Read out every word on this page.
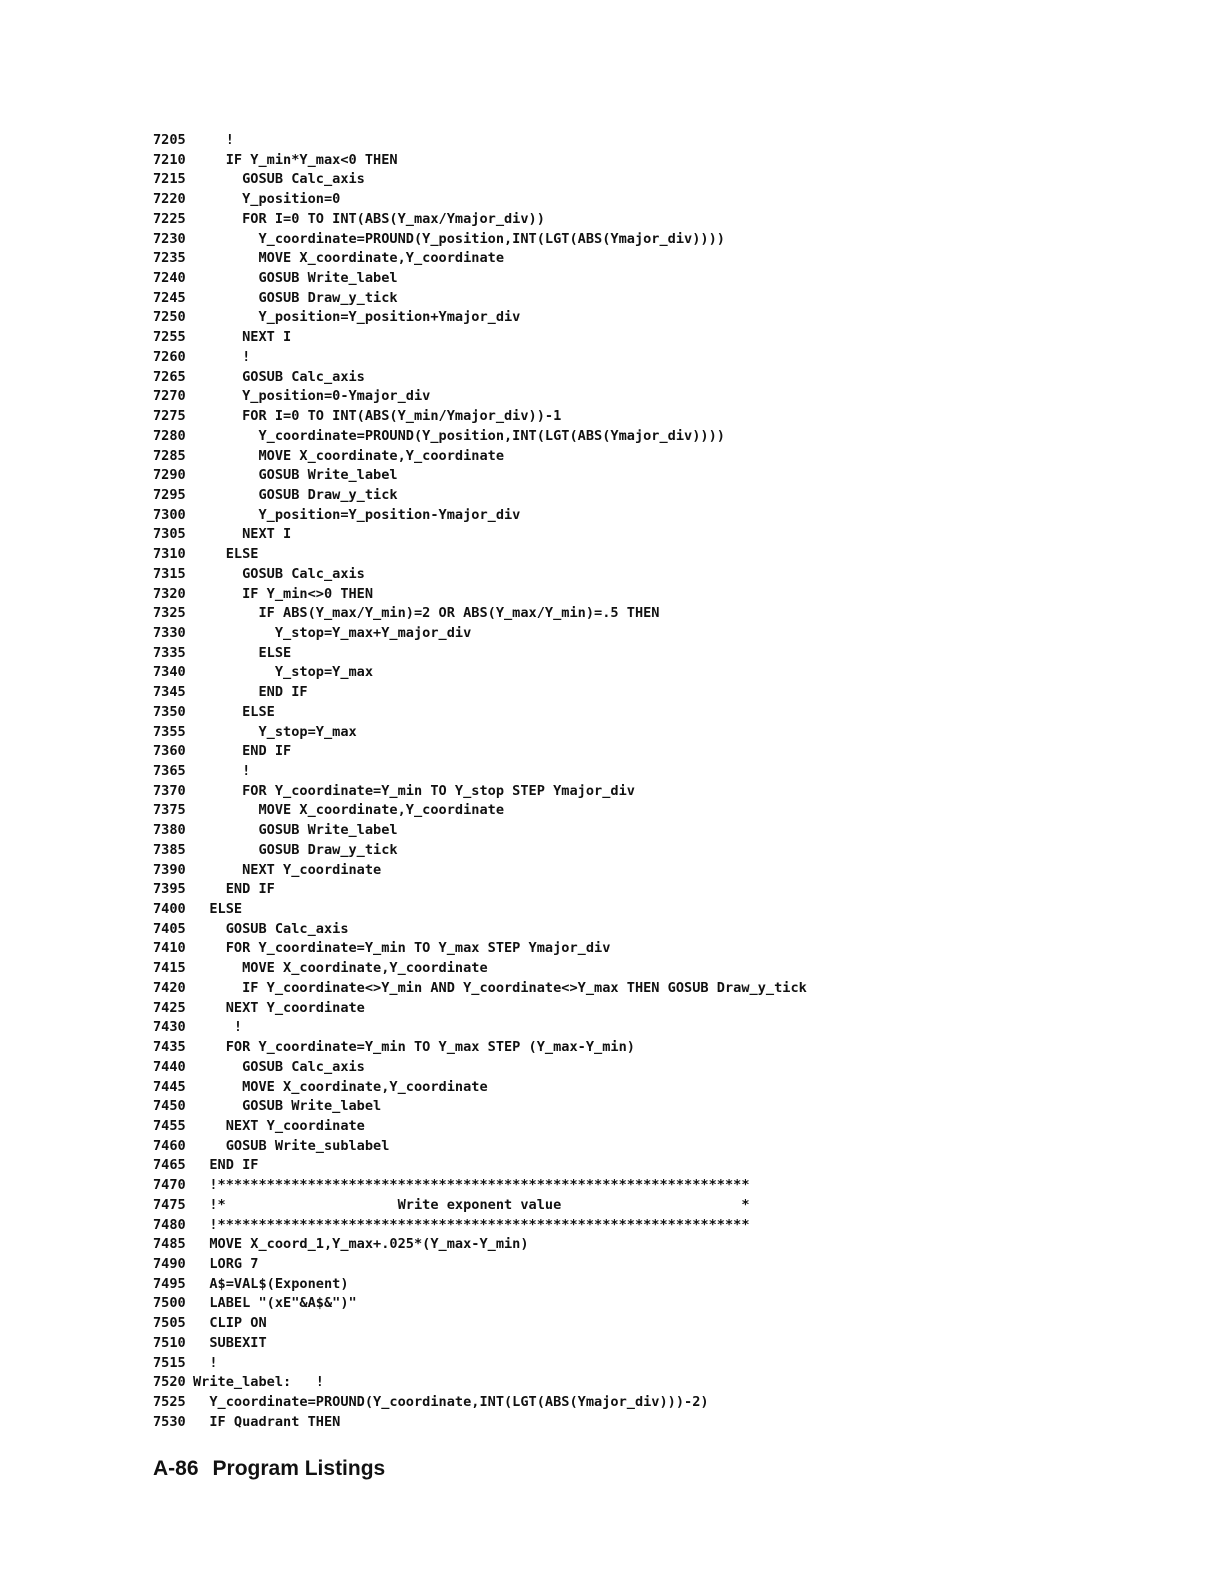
7205 !
7210 IF Y_min*Y_max<0 THEN
7215 GOSUB Calc_axis
7220 Y_position=0
7225 FOR I=0 TO INT(ABS(Y_max/Ymajor_div))
7230 Y_coordinate=PROUND(Y_position,INT(LGT(ABS(Ymajor_div))))
7235 MOVE X_coordinate,Y_coordinate
7240 GOSUB Write_label
7245 GOSUB Draw_y_tick
7250 Y_position=Y_position+Ymajor_div
7255 NEXT I
7260 !
7265 GOSUB Calc_axis
7270 Y_position=0-Ymajor_div
7275 FOR I=0 TO INT(ABS(Y_min/Ymajor_div))-1
7280 Y_coordinate=PROUND(Y_position,INT(LGT(ABS(Ymajor_div))))
7285 MOVE X_coordinate,Y_coordinate
7290 GOSUB Write_label
7295 GOSUB Draw_y_tick
7300 Y_position=Y_position-Ymajor_div
7305 NEXT I
7310 ELSE
7315 GOSUB Calc_axis
7320 IF Y_min<>0 THEN
7325 IF ABS(Y_max/Y_min)=2 OR ABS(Y_max/Y_min)=.5 THEN
7330 Y_stop=Y_max+Y_major_div
7335 ELSE
7340 Y_stop=Y_max
7345 END IF
7350 ELSE
7355 Y_stop=Y_max
7360 END IF
7365 !
7370 FOR Y_coordinate=Y_min TO Y_stop STEP Ymajor_div
7375 MOVE X_coordinate,Y_coordinate
7380 GOSUB Write_label
7385 GOSUB Draw_y_tick
7390 NEXT Y_coordinate
7395 END IF
7400 ELSE
7405 GOSUB Calc_axis
7410 FOR Y_coordinate=Y_min TO Y_max STEP Ymajor_div
7415 MOVE X_coordinate,Y_coordinate
7420 IF Y_coordinate<>Y_min AND Y_coordinate<>Y_max THEN GOSUB Draw_y_tick
7425 NEXT Y_coordinate
7430 !
7435 FOR Y_coordinate=Y_min TO Y_max STEP (Y_max-Y_min)
7440 GOSUB Calc_axis
7445 MOVE X_coordinate,Y_coordinate
7450 GOSUB Write_label
7455 NEXT Y_coordinate
7460 GOSUB Write_sublabel
7465 END IF
7470 !*****************************************************************
7475 !*                     Write exponent value                      *
7480 !*****************************************************************
7485 MOVE X_coord_1,Y_max+.025*(Y_max-Y_min)
7490 LORG 7
7495 A$=VAL$(Exponent)
7500 LABEL "(xE"&A$&")"
7505 CLIP ON
7510 SUBEXIT
7515 !
7520 Write_label:   !
7525 Y_coordinate=PROUND(Y_coordinate,INT(LGT(ABS(Ymajor_div)))-2)
7530 IF Quadrant THEN
A-86 Program Listings
